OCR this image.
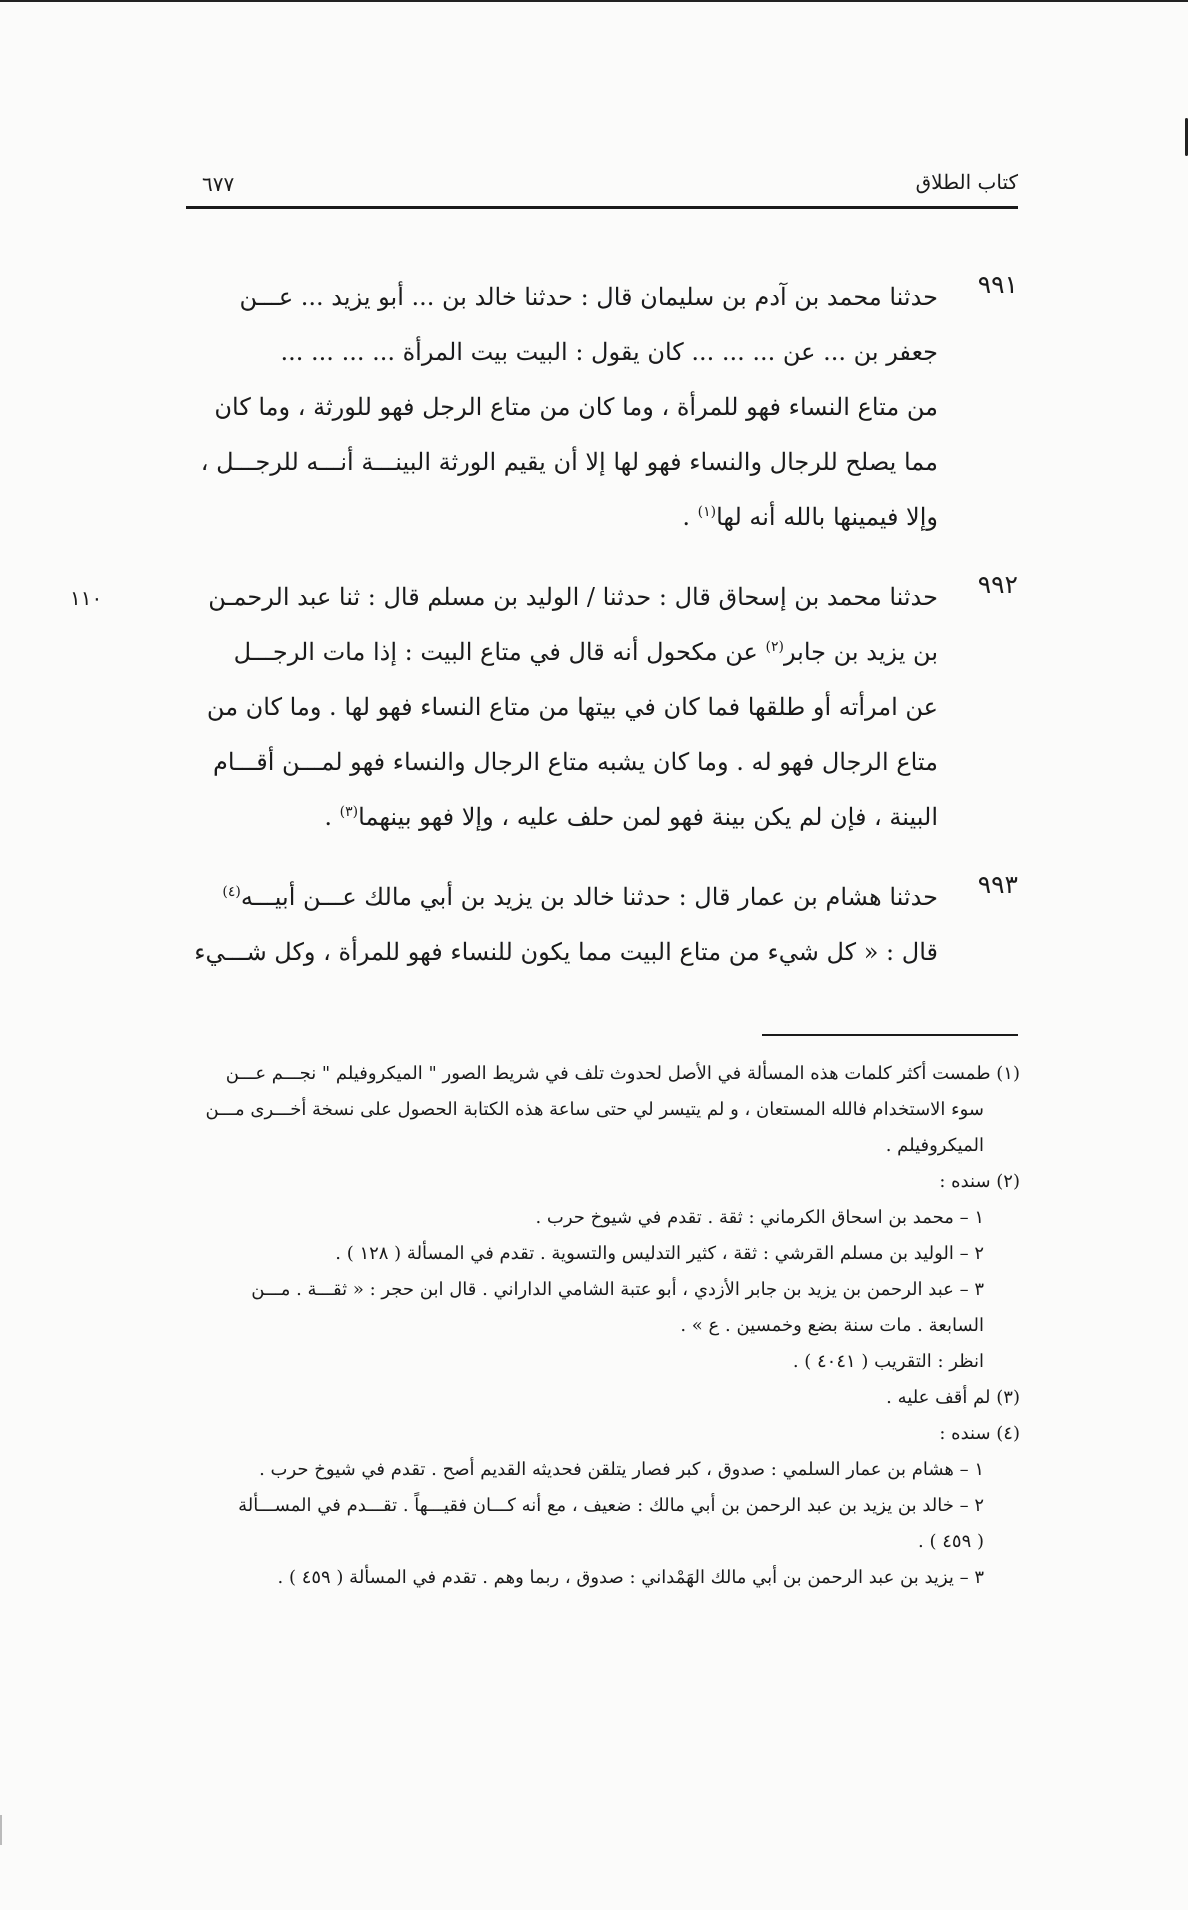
كتاب الطلاق
٦٧٧
١١٠
٩٩١

حدثنا محمد بن آدم بن سليمان قال : حدثنا خالد بن ... أبو يزيد ... عـــن

جعفر بن ... عن ... ... ... كان يقول : البيت بيت المرأة ... ... ... ...

من متاع النساء فهو للمرأة ، وما كان من متاع الرجل فهو للورثة ، وما كان

مما يصلح للرجال والنساء فهو لها إلا أن يقيم الورثة البينـــة أنـــه للرجـــل ،

وإلا فيمينها بالله أنه لها$^{(١)}$ .

٩٩٢

حدثنا محمد بن إسحاق قال : حدثنا / الوليد بن مسلم قال : ثنا عبد الرحمـن

بن يزيد بن جابر$^{(٢)}$ عن مكحول أنه قال في متاع البيت : إذا مات الرجـــل

عن امرأته أو طلقها فما كان في بيتها من متاع النساء فهو لها . وما كان من

متاع الرجال فهو له . وما كان يشبه متاع الرجال والنساء فهو لمـــن أقـــام

البينة ، فإن لم يكن بينة فهو لمن حلف عليه ، وإلا فهو بينهما$^{(٣)}$ .

٩٩٣

حدثنا هشام بن عمار قال : حدثنا خالد بن يزيد بن أبي مالك عـــن أبيـــه$^{(٤)}$

قال : « كل شيء من متاع البيت مما يكون للنساء فهو للمرأة ، وكل شـــيء

(١) طمست أكثر كلمات هذه المسألة في الأصل لحدوث تلف في شريط الصور " الميكروفيلم " نجـــم عـــن

سوء الاستخدام فالله المستعان ، و لم يتيسر لي حتى ساعة هذه الكتابة الحصول على نسخة أخـــرى مـــن

الميكروفيلم .

(٢) سنده :

١ – محمد بن اسحاق الكرماني : ثقة . تقدم في شيوخ حرب .

٢ – الوليد بن مسلم القرشي : ثقة ، كثير التدليس والتسوية . تقدم في المسألة ( ١٢٨ ) .

٣ – عبد الرحمن بن يزيد بن جابر الأزدي ، أبو عتبة الشامي الداراني . قال ابن حجر : « ثقـــة . مـــن

السابعة . مات سنة بضع وخمسين . ع » .

انظر : التقريب ( ٤٠٤١ ) .

(٣) لم أقف عليه .

(٤) سنده :

١ – هشام بن عمار السلمي : صدوق ، كبر فصار يتلقن فحديثه القديم أصح . تقدم في شيوخ حرب .

٢ – خالد بن يزيد بن عبد الرحمن بن أبي مالك : ضعيف ، مع أنه كـــان فقيـــهاً . تقـــدم في المســـألة

( ٤٥٩ ) .

٣ – يزيد بن عبد الرحمن بن أبي مالك الهَمْداني : صدوق ، ربما وهم . تقدم في المسألة ( ٤٥٩ ) .
